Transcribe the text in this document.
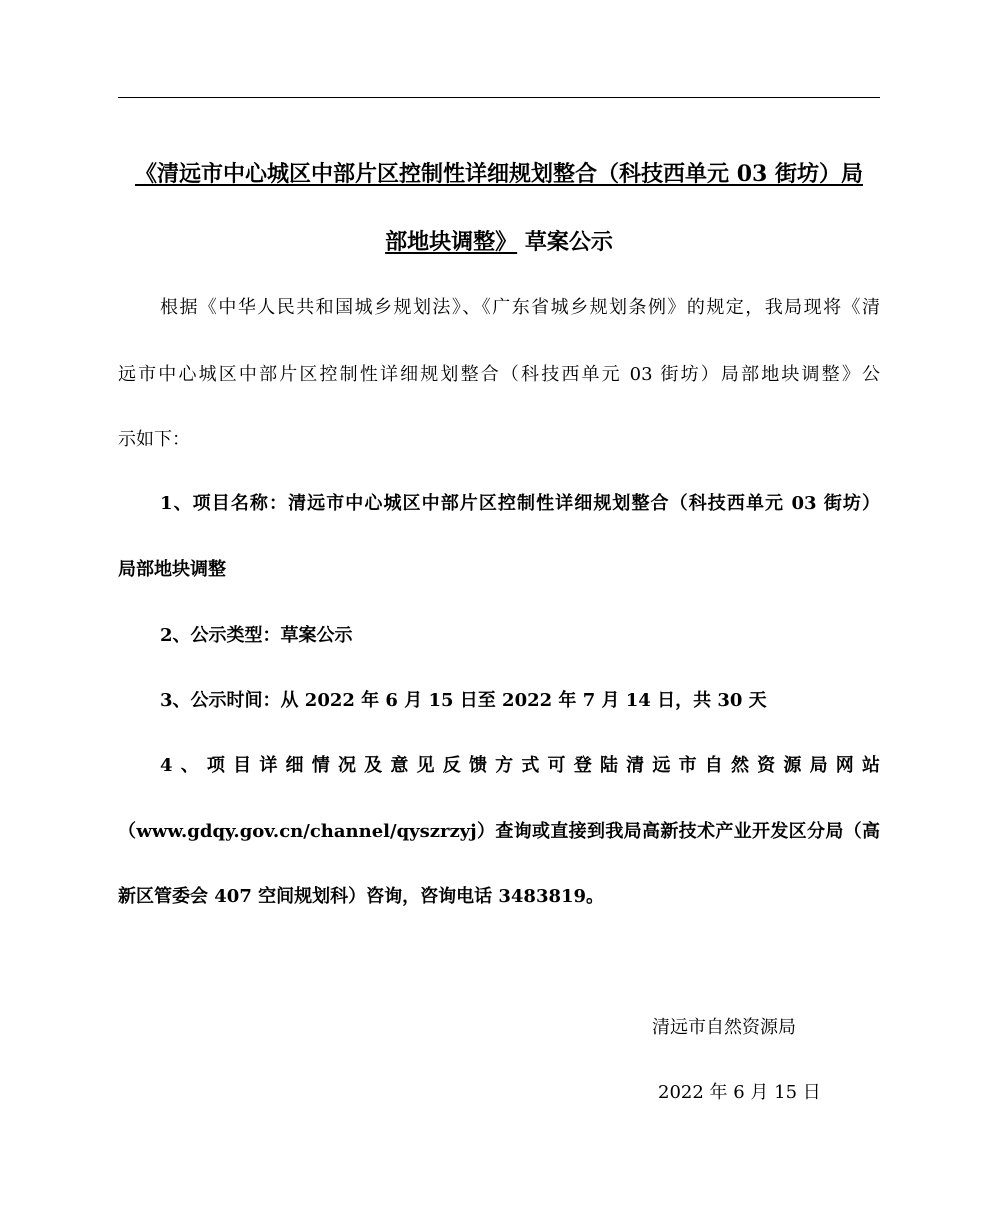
《清远市中心城区中部片区控制性详细规划整合（科技西单元 03 街坊）局
部地块调整》 草案公示
根据《中华人民共和国城乡规划法》、《广东省城乡规划条例》的规定，我局现将《清
远市中心城区中部片区控制性详细规划整合（科技西单元 03 街坊）局部地块调整》公
示如下：
1、项目名称：清远市中心城区中部片区控制性详细规划整合（科技西单元 03 街坊）
局部地块调整
2、公示类型：草案公示
3、公示时间：从 2022 年 6 月 15 日至 2022 年 7 月 14 日，共 30 天
4、项目详细情况及意见反馈方式可登陆清远市自然资源局网站
（www.gdqy.gov.cn/channel/qyszrzyj）查询或直接到我局高新技术产业开发区分局（高
新区管委会 407 空间规划科）咨询，咨询电话 3483819。
清远市自然资源局
2022 年 6 月 15 日
